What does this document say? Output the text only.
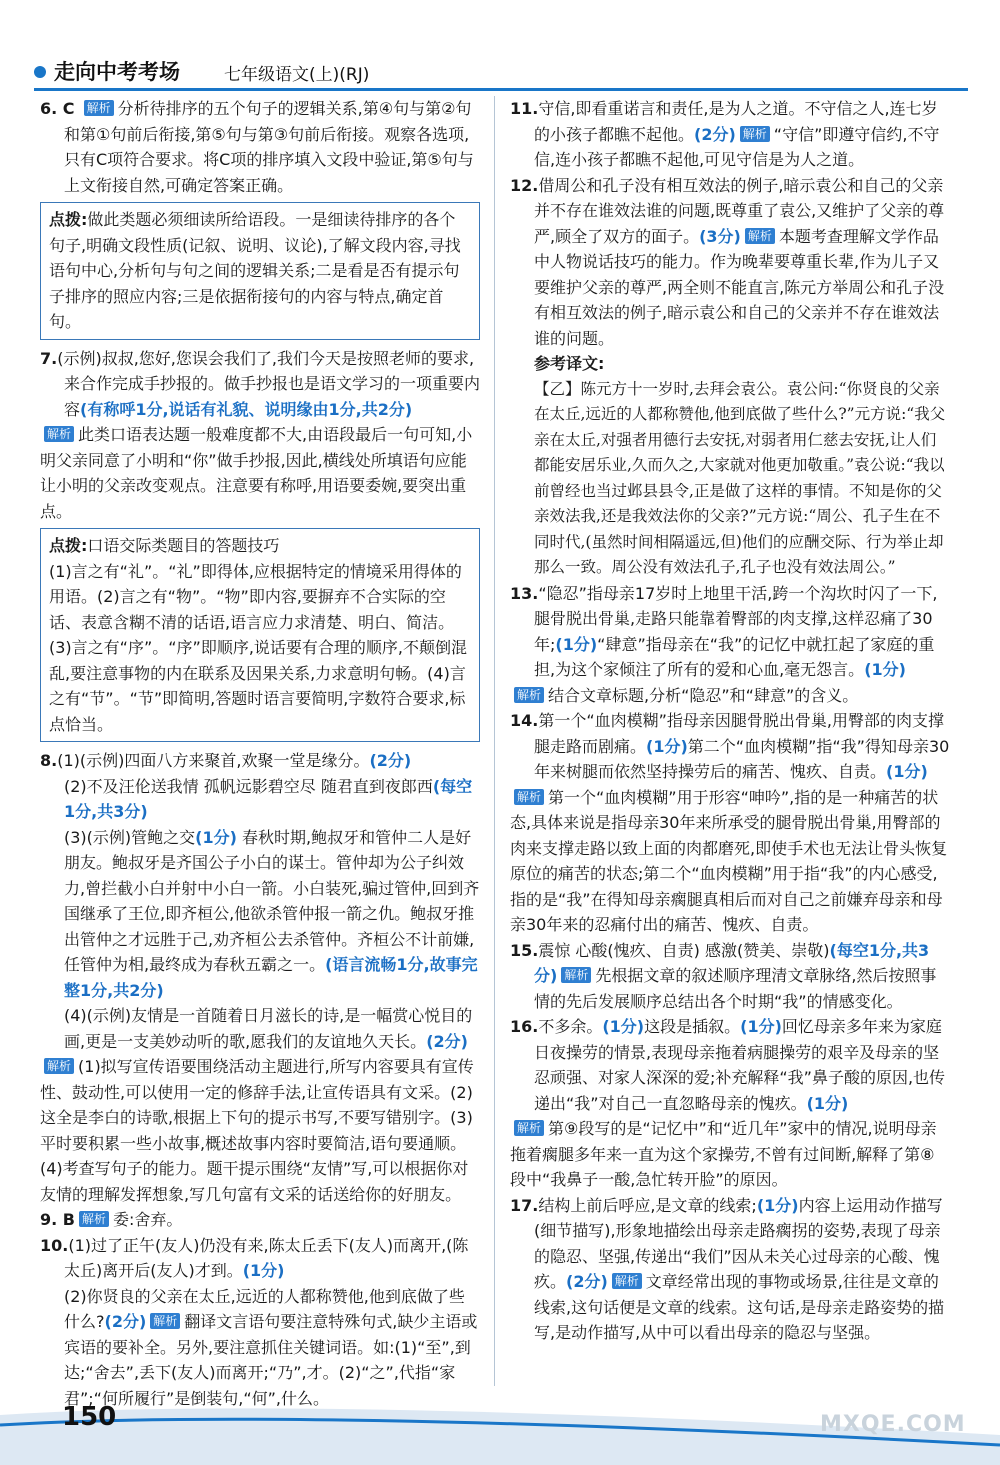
走向中考考场	七年级语文(上)(RJ)

6. C 解析 分析待排序的五个句子的逻辑关系,第④句与第②句和第①句前后衔接,第⑤句与第③句前后衔接。观察各选项,只有C项符合要求。将C项的排序填入文段中验证,第⑤句与上文衔接自然,可确定答案正确。

点拨:做此类题必须细读所给语段。一是细读待排序的各个句子,明确文段性质(记叙、说明、议论),了解文段内容,寻找语句中心,分析句与句之间的逻辑关系;二是看是否有提示句子排序的照应内容;三是依据衔接句的内容与特点,确定首句。

7.(示例)叔叔,您好,您误会我们了,我们今天是按照老师的要求,来合作完成手抄报的。做手抄报也是语文学习的一项重要内容(有称呼1分,说话有礼貌、说明缘由1分,共2分)

解析 此类口语表达题一般难度都不大,由语段最后一句可知,小明父亲同意了小明和“你”做手抄报,因此,横线处所填语句应能让小明的父亲改变观点。注意要有称呼,用语要委婉,要突出重点。

点拨:口语交际类题目的答题技巧
(1)言之有“礼”。“礼”即得体,应根据特定的情境采用得体的用语。(2)言之有“物”。“物”即内容,要摒弃不合实际的空话、表意含糊不清的话语,语言应力求清楚、明白、简洁。(3)言之有“序”。“序”即顺序,说话要有合理的顺序,不颠倒混乱,要注意事物的内在联系及因果关系,力求意明句畅。(4)言之有“节”。“节”即简明,答题时语言要简明,字数符合要求,标点恰当。

8.(1)(示例)四面八方来聚首,欢聚一堂是缘分。(2分)

(2)不及汪伦送我情 孤帆远影碧空尽 随君直到夜郎西(每空1分,共3分)

(3)(示例)管鲍之交(1分) 春秋时期,鲍叔牙和管仲二人是好朋友。鲍叔牙是齐国公子小白的谋士。管仲却为公子纠效力,曾拦截小白并射中小白一箭。小白装死,骗过管仲,回到齐国继承了王位,即齐桓公,他欲杀管仲报一箭之仇。鲍叔牙推出管仲之才远胜于己,劝齐桓公去杀管仲。齐桓公不计前嫌,任管仲为相,最终成为春秋五霸之一。(语言流畅1分,故事完整1分,共2分)

(4)(示例)友情是一首随着日月滋长的诗,是一幅赏心悦目的画,更是一支美妙动听的歌,愿我们的友谊地久天长。(2分)

解析 (1)拟写宣传语要围绕活动主题进行,所写内容要具有宣传性、鼓动性,可以使用一定的修辞手法,让宣传语具有文采。(2)这全是李白的诗歌,根据上下句的提示书写,不要写错别字。(3)平时要积累一些小故事,概述故事内容时要简洁,语句要通顺。(4)考查写句子的能力。题干提示围绕“友情”写,可以根据你对友情的理解发挥想象,写几句富有文采的话送给你的好朋友。

9. B 解析 委:舍弃。

10.(1)过了正午(友人)仍没有来,陈太丘丢下(友人)而离开,(陈太丘)离开后(友人)才到。(1分)

(2)你贤良的父亲在太丘,远近的人都称赞他,他到底做了些什么?(2分) 解析 翻译文言语句要注意特殊句式,缺少主语或宾语的要补全。另外,要注意抓住关键词语。如:(1)“至”,到达;“舍去”,丢下(友人)而离开;“乃”,才。(2)“之”,代指“家君”;“何所履行”是倒装句,“何”,什么。

11.守信,即看重诺言和责任,是为人之道。不守信之人,连七岁的小孩子都瞧不起他。(2分) 解析 “守信”即遵守信约,不守信,连小孩子都瞧不起他,可见守信是为人之道。

12.借周公和孔子没有相互效法的例子,暗示袁公和自己的父亲并不存在谁效法谁的问题,既尊重了袁公,又维护了父亲的尊严,顾全了双方的面子。(3分) 解析 本题考查理解文学作品中人物说话技巧的能力。作为晚辈要尊重长辈,作为儿子又要维护父亲的尊严,两全则不能直言,陈元方举周公和孔子没有相互效法的例子,暗示袁公和自己的父亲并不存在谁效法谁的问题。

参考译文:

【乙】陈元方十一岁时,去拜会袁公。袁公问:“你贤良的父亲在太丘,远近的人都称赞他,他到底做了些什么?”元方说:“我父亲在太丘,对强者用德行去安抚,对弱者用仁慈去安抚,让人们都能安居乐业,久而久之,大家就对他更加敬重。”袁公说:“我以前曾经也当过邺县县令,正是做了这样的事情。不知是你的父亲效法我,还是我效法你的父亲?”元方说:“周公、孔子生在不同时代,(虽然时间相隔遥远,但)他们的应酬交际、行为举止却那么一致。周公没有效法孔子,孔子也没有效法周公。”

13.“隐忍”指母亲17岁时上地里干活,跨一个沟坎时闪了一下,腿骨脱出骨巢,走路只能靠着臀部的肉支撑,这样忍痛了30年;(1分)“肆意”指母亲在“我”的记忆中就扛起了家庭的重担,为这个家倾注了所有的爱和心血,毫无怨言。(1分)

解析 结合文章标题,分析“隐忍”和“肆意”的含义。

14.第一个“血肉模糊”指母亲因腿骨脱出骨巢,用臀部的肉支撑腿走路而剧痛。(1分)第二个“血肉模糊”指“我”得知母亲30年来树腿而依然坚持操劳后的痛苦、愧疚、自责。(1分)

解析 第一个“血肉模糊”用于形容“呻吟”,指的是一种痛苦的状态,具体来说是指母亲30年来所承受的腿骨脱出骨巢,用臀部的肉来支撑走路以致上面的肉都磨死,即使手术也无法让骨头恢复原位的痛苦的状态;第二个“血肉模糊”用于指“我”的内心感受,指的是“我”在得知母亲瘸腿真相后而对自己之前嫌弃母亲和母亲30年来的忍痛付出的痛苦、愧疚、自责。

15.震惊 心酸(愧疚、自责) 感激(赞美、崇敬)(每空1分,共3分) 解析 先根据文章的叙述顺序理清文章脉络,然后按照事情的先后发展顺序总结出各个时期“我”的情感变化。

16.不多余。(1分)这段是插叙。(1分)回忆母亲多年来为家庭日夜操劳的情景,表现母亲拖着病腿操劳的艰辛及母亲的坚忍顽强、对家人深深的爱;补充解释“我”鼻子酸的原因,也传递出“我”对自己一直忽略母亲的愧疚。(1分)

解析 第⑨段写的是“记忆中”和“近几年”家中的情况,说明母亲拖着瘸腿多年来一直为这个家操劳,不曾有过间断,解释了第⑧段中“我鼻子一酸,急忙转开脸”的原因。

17.结构上前后呼应,是文章的线索;(1分)内容上运用动作描写(细节描写),形象地描绘出母亲走路瘸拐的姿势,表现了母亲的隐忍、坚强,传递出“我们”因从未关心过母亲的心酸、愧疚。(2分) 解析 文章经常出现的事物或场景,往往是文章的线索,这句话便是文章的线索。这句话,是母亲走路姿势的描写,是动作描写,从中可以看出母亲的隐忍与坚强。

150	MXQE.COM
